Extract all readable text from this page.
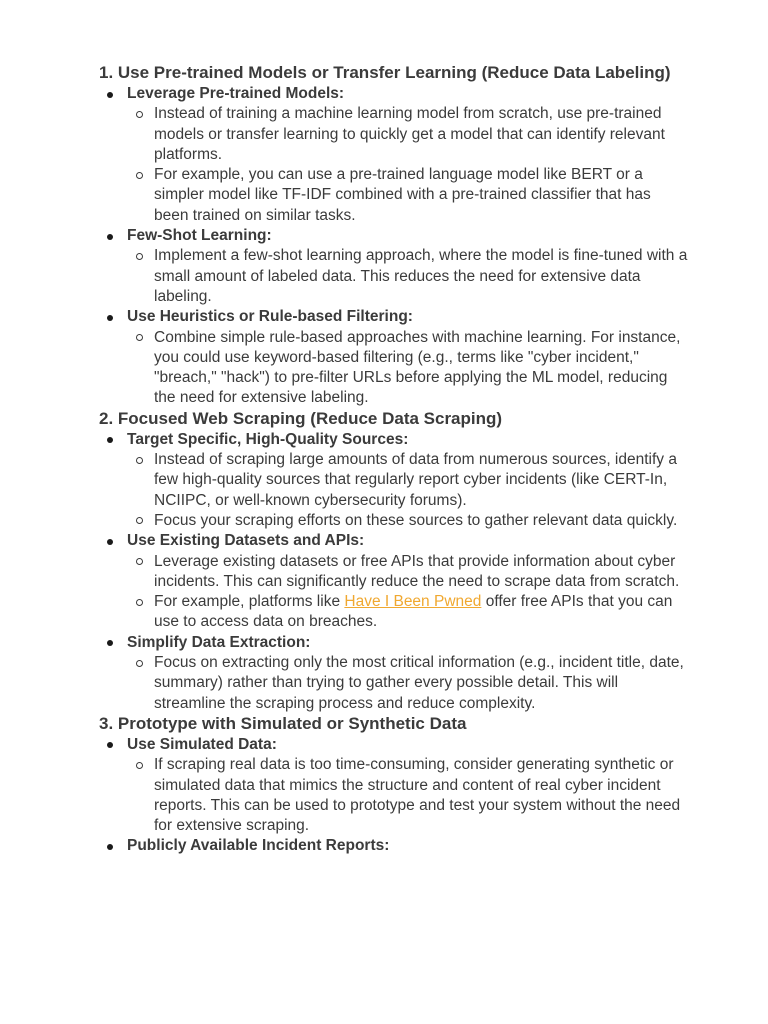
1. Use Pre-trained Models or Transfer Learning (Reduce Data Labeling)
Leverage Pre-trained Models:
Instead of training a machine learning model from scratch, use pre-trained models or transfer learning to quickly get a model that can identify relevant platforms.
For example, you can use a pre-trained language model like BERT or a simpler model like TF-IDF combined with a pre-trained classifier that has been trained on similar tasks.
Few-Shot Learning:
Implement a few-shot learning approach, where the model is fine-tuned with a small amount of labeled data. This reduces the need for extensive data labeling.
Use Heuristics or Rule-based Filtering:
Combine simple rule-based approaches with machine learning. For instance, you could use keyword-based filtering (e.g., terms like "cyber incident," "breach," "hack") to pre-filter URLs before applying the ML model, reducing the need for extensive labeling.
2. Focused Web Scraping (Reduce Data Scraping)
Target Specific, High-Quality Sources:
Instead of scraping large amounts of data from numerous sources, identify a few high-quality sources that regularly report cyber incidents (like CERT-In, NCIIPC, or well-known cybersecurity forums).
Focus your scraping efforts on these sources to gather relevant data quickly.
Use Existing Datasets and APIs:
Leverage existing datasets or free APIs that provide information about cyber incidents. This can significantly reduce the need to scrape data from scratch.
For example, platforms like Have I Been Pwned offer free APIs that you can use to access data on breaches.
Simplify Data Extraction:
Focus on extracting only the most critical information (e.g., incident title, date, summary) rather than trying to gather every possible detail. This will streamline the scraping process and reduce complexity.
3. Prototype with Simulated or Synthetic Data
Use Simulated Data:
If scraping real data is too time-consuming, consider generating synthetic or simulated data that mimics the structure and content of real cyber incident reports. This can be used to prototype and test your system without the need for extensive scraping.
Publicly Available Incident Reports:
